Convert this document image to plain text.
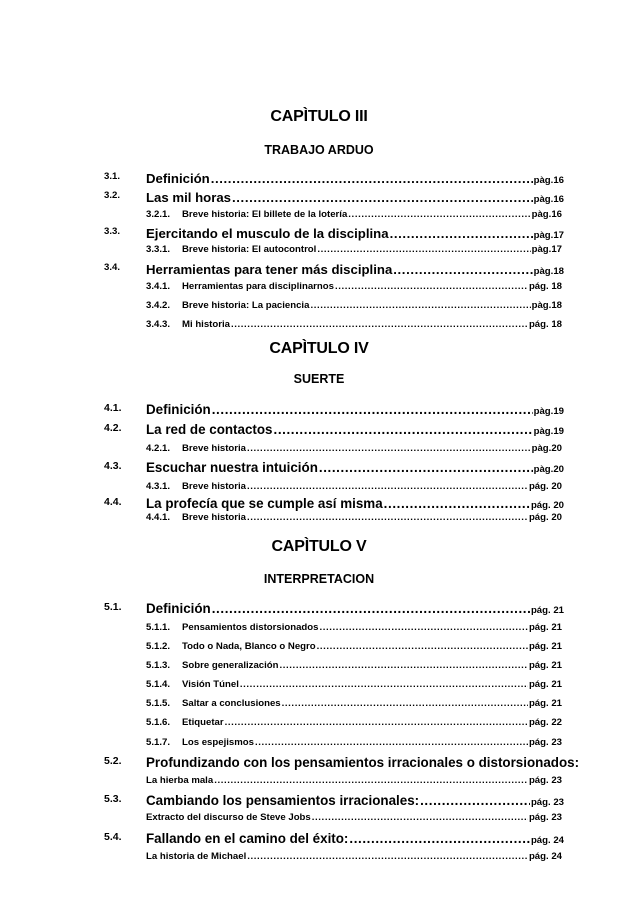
CAPÌTULO III
TRABAJO ARDUO
3.1. Definición .....	pàg.16
3.2. Las mil horas .....	pàg.16
3.2.1. Breve historia: El billete de la lotería .....	pàg.16
3.3. Ejercitando el musculo de la disciplina .....	pàg.17
3.3.1. Breve historia: El autocontrol .....	pàg.17
3.4. Herramientas para tener más disciplina .....	pàg.18
3.4.1. Herramientas para disciplinarnos .....	pág. 18
3.4.2. Breve historia: La paciencia .....	pàg.18
3.4.3. Mi historia .....	pág. 18
CAPÌTULO IV
SUERTE
4.1. Definición .....	pàg.19
4.2. La red de contactos .....	pàg.19
4.2.1. Breve historia .....	pàg.20
4.3. Escuchar nuestra intuición .....	pàg.20
4.3.1. Breve historia .....	pág. 20
4.4. La profecía que se cumple así misma .....	pág. 20
4.4.1. Breve historia .....	pág. 20
CAPÌTULO V
INTERPRETACION
5.1. Definición .....	pág. 21
5.1.1. Pensamientos distorsionados .....	pág. 21
5.1.2. Todo o Nada, Blanco o Negro .....	pág. 21
5.1.3. Sobre generalización .....	pág. 21
5.1.4. Visión Túnel .....	pág. 21
5.1.5. Saltar a conclusiones .....	pág. 21
5.1.6. Etiquetar .....	pág. 22
5.1.7. Los espejismos .....	pág. 23
5.2. Profundizando con los pensamientos irracionales o distorsionados:
La hierba mala .....	pág. 23
5.3. Cambiando los pensamientos irracionales: .....	pág. 23
Extracto del discurso de Steve Jobs .....	pág. 23
5.4. Fallando en el camino del éxito: .....	pág. 24
La historia de Michael .....	pág. 24
